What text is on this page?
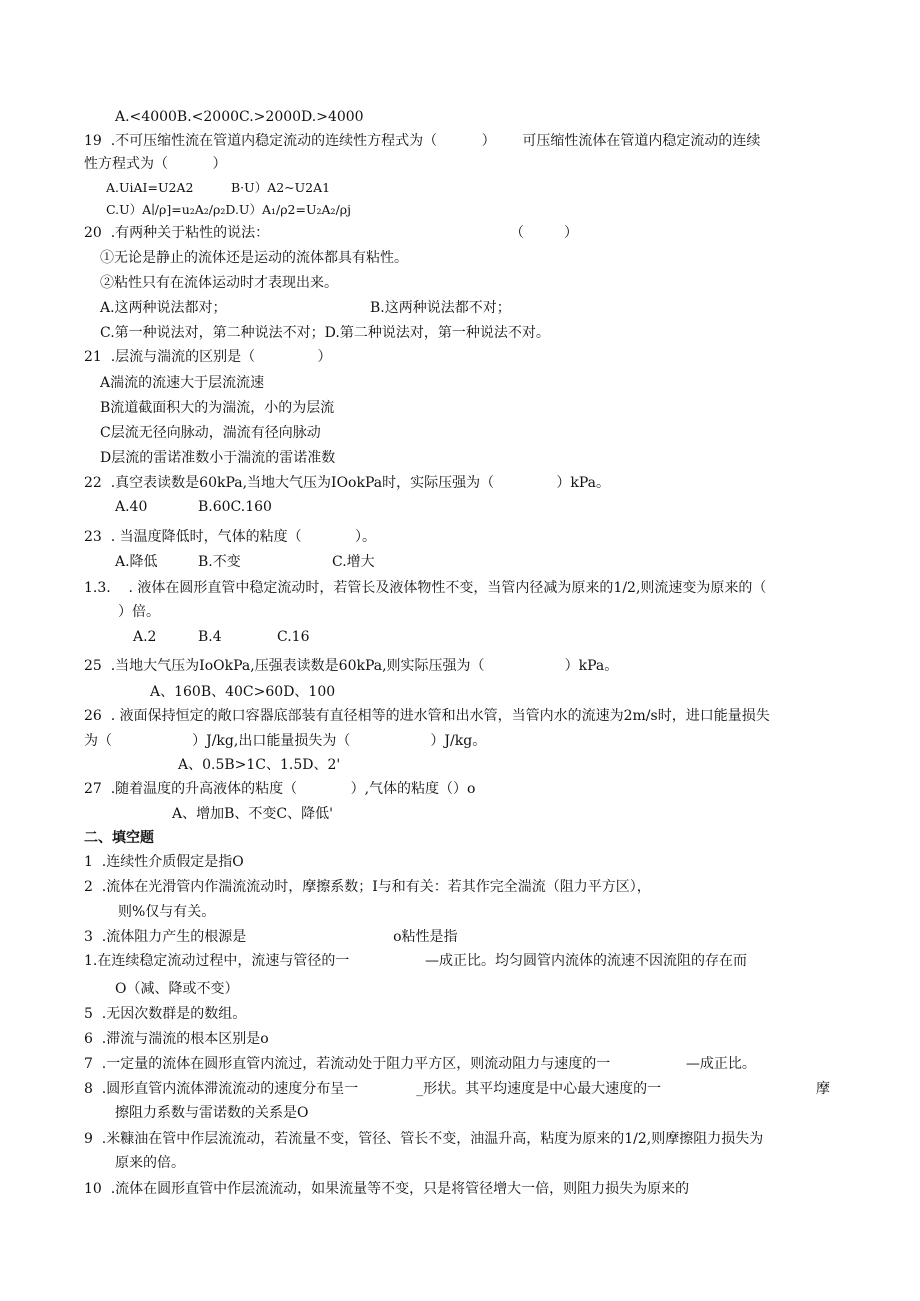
A.<4000B.<2000C.>2000D.>4000
19  .不可压缩性流在管道内稳定流动的连续性方程式为（          ）      可压缩性流体在管道内稳定流动的连续
性方程式为（          ）
A.UiAI=U2A2	B·U）A2~U2A1
C.U）A∣/ρ]=u₂A₂/ρ₂D.U）A₁/ρ2=U₂A₂/ρj
20  .有两种关于粘性的说法：	（         ）
①无论是静止的流体还是运动的流体都具有粘性。
②粘性只有在流体运动时才表现出来。
A.这两种说法都对；	B.这两种说法都不对；
C.第一种说法对，第二种说法不对；D.第二种说法对，第一种说法不对。
21  .层流与湍流的区别是（              ）
A湍流的流速大于层流流速
B流道截面积大的为湍流，小的为层流
C层流无径向脉动，湍流有径向脉动
D层流的雷诺准数小于湍流的雷诺准数
22  .真空表读数是60kPa,当地大气压为IOokPa时，实际压强为（              ）kPa。
A.40	B.60C.160
23  . 当温度降低时，气体的粘度（            ）。
A.降低	B.不变	C.增大
1.3.    . 液体在圆形直管中稳定流动时，若管长及液体物性不变，当管内径减为原来的1/2,则流速变为原来的（
）倍。
A.2	B.4	C.16
25  .当地大气压为IoOkPa,压强表读数是60kPa,则实际压强为（                  ）kPa。
A、160B、40C>60D、100
26  . 液面保持恒定的敞口容器底部装有直径相等的进水管和出水管，当管内水的流速为2m/s时，进口能量损失
为（                  ）J/kg,出口能量损失为（                  ）J/kg。
A、0.5B>1C、1.5D、2'
27  .随着温度的升高液体的粘度（            ）,气体的粘度（）o
A、增加B、不变C、降低'
二、填空题
1  .连续性介质假定是指O
2  .流体在光滑管内作湍流流动时，摩擦系数；I与和有关：若其作完全湍流（阻力平方区），
则%仅与有关。
3  .流体阻力产生的根源是                                 o粘性是指
1.在连续稳定流动过程中，流速与管径的一                 —成正比。均匀圆管内流体的流速不因流阻的存在而
O（减、降或不变）
5  .无因次数群是的数组。
6  .滞流与湍流的根本区别是o
7  .一定量的流体在圆形直管内流过，若流动处于阻力平方区，则流动阻力与速度的一                 —成正比。
8  .圆形直管内流体滞流流动的速度分布呈一             _形状。其平均速度是中心最大速度的一	摩
擦阻力系数与雷诺数的关系是O
9  .米糠油在管中作层流流动，若流量不变，管径、管长不变，油温升高，粘度为原来的1/2,则摩擦阻力损失为
原来的倍。
10  .流体在圆形直管中作层流流动，如果流量等不变，只是将管径增大一倍，则阻力损失为原来的
